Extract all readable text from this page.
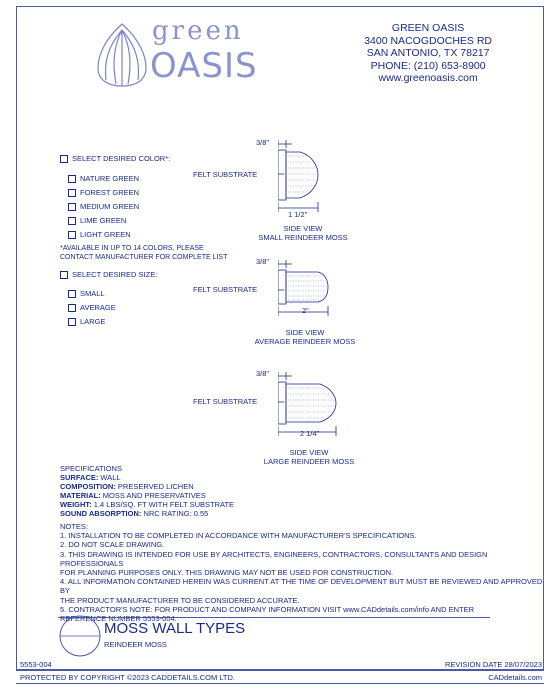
green
OASIS
GREEN OASIS
3400 NACOGDOCHES RD
SAN ANTONIO, TX 78217
PHONE: (210) 653-8900
www.greenoasis.com
SELECT DESIRED COLOR*:
NATURE GREEN
FOREST GREEN
MEDIUM GREEN
LIME GREEN
LIGHT GREEN
*AVAILABLE IN UP TO 14 COLORS, PLEASE
CONTACT MANUFACTURER FOR COMPLETE LIST
SELECT DESIRED SIZE:
SMALL
AVERAGE
LARGE
3/8"
FELT SUBSTRATE
1 1/2"
SIDE VIEW
SMALL REINDEER MOSS
3/8"
FELT SUBSTRATE
2"
SIDE VIEW
AVERAGE REINDEER MOSS
3/8"
FELT SUBSTRATE
2 1/4"
SIDE VIEW
LARGE REINDEER MOSS
SPECIFICATIONS
SURFACE: WALL
COMPOSITION: PRESERVED LICHEN
MATERIAL: MOSS AND PRESERVATIVES
WEIGHT: 1.4 LBS/SQ. FT WITH FELT SUBSTRATE
SOUND ABSORPTION: NRC RATING: 0.55
NOTES:
1. INSTALLATION TO BE COMPLETED IN ACCORDANCE WITH MANUFACTURER'S SPECIFICATIONS.
2. DO NOT SCALE DRAWING.
3. THIS DRAWING IS INTENDED FOR USE BY ARCHITECTS, ENGINEERS, CONTRACTORS, CONSULTANTS AND DESIGN PROFESSIONALS
FOR PLANNING PURPOSES ONLY. THIS DRAWING MAY NOT BE USED FOR CONSTRUCTION.
4. ALL INFORMATION CONTAINED HEREIN WAS CURRENT AT THE TIME OF DEVELOPMENT BUT MUST BE REVIEWED AND APPROVED BY
THE PRODUCT MANUFACTURER TO BE CONSIDERED ACCURATE.
5. CONTRACTOR'S NOTE: FOR PRODUCT AND COMPANY INFORMATION VISIT www.CADdetails.com/info AND ENTER
REFERENCE NUMBER 5553-004.
MOSS WALL TYPES
REINDEER MOSS
5553-004	REVISION DATE 28/07/2023
PROTECTED BY COPYRIGHT ©2023 CADDETAILS.COM LTD.	CADdetails.com
